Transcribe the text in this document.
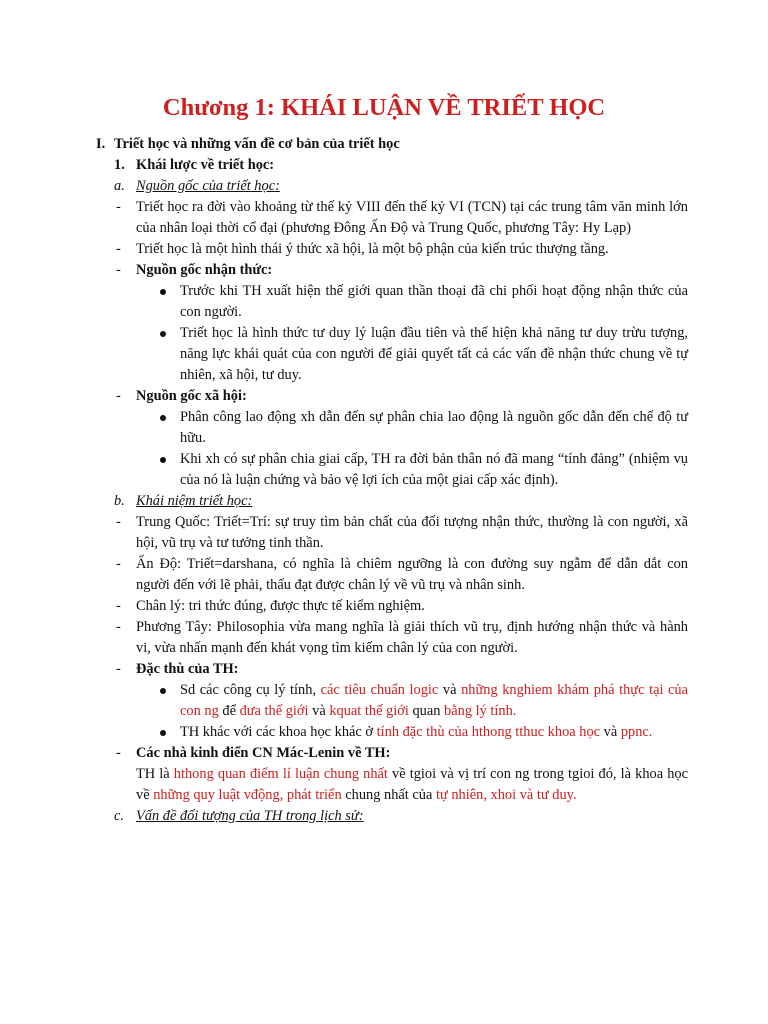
Chương 1: KHÁI LUẬN VỀ TRIẾT HỌC
I. Triết học và những vấn đề cơ bản của triết học
1. Khái lược về triết học:
a. Nguồn gốc của triết học:
- Triết học ra đời vào khoảng từ thế kỷ VIII đến thế kỷ VI (TCN) tại các trung tâm văn minh lớn của nhân loại thời cổ đại (phương Đông Ấn Độ và Trung Quốc, phương Tây: Hy Lạp)
- Triết học là một hình thái ý thức xã hội, là một bộ phận của kiến trúc thượng tầng.
- Nguồn gốc nhận thức:
Trước khi TH xuất hiện thế giới quan thần thoại đã chi phối hoạt động nhận thức của con người.
Triết học là hình thức tư duy lý luận đầu tiên và thể hiện khả năng tư duy trừu tượng, năng lực khái quát của con người để giải quyết tất cả các vấn đề nhận thức chung về tự nhiên, xã hội, tư duy.
- Nguồn gốc xã hội:
Phân công lao động xh dẫn đến sự phân chia lao động là nguồn gốc dẫn đến chế độ tư hữu.
Khi xh có sự phân chia giai cấp, TH ra đời bản thân nó đã mang “tính đảng” (nhiệm vụ của nó là luận chứng và bảo vệ lợi ích của một giai cấp xác định).
b. Khái niệm triết học:
- Trung Quốc: Triết=Trí: sự truy tìm bản chất của đối tượng nhận thức, thường là con người, xã hội, vũ trụ và tư tưởng tinh thần.
- Ấn Độ: Triết=darshana, có nghĩa là chiêm ngưỡng là con đường suy ngẫm để dẫn dắt con người đến với lẽ phải, thấu đạt được chân lý về vũ trụ và nhân sinh.
- Chân lý: tri thức đúng, được thực tế kiểm nghiệm.
- Phương Tây: Philosophia vừa mang nghĩa là giải thích vũ trụ, định hướng nhận thức và hành vi, vừa nhấn mạnh đến khát vọng tìm kiếm chân lý của con người.
- Đặc thù của TH:
Sd các công cụ lý tính, các tiêu chuẩn logic và những knghiem khám phá thực tại của con ng để đưa thế giới và kquat thế giới quan bằng lý tính.
TH khác với các khoa học khác ở tính đặc thù của hthong tthuc khoa học và ppnc.
- Các nhà kinh điển CN Mác-Lenin về TH:
TH là hthong quan điểm lí luận chung nhất về tgioi và vị trí con ng trong tgioi đó, là khoa học về những quy luật vđộng, phát triển chung nhất của tự nhiên, xhoi và tư duy.
c. Vấn đề đối tượng của TH trong lịch sử:
